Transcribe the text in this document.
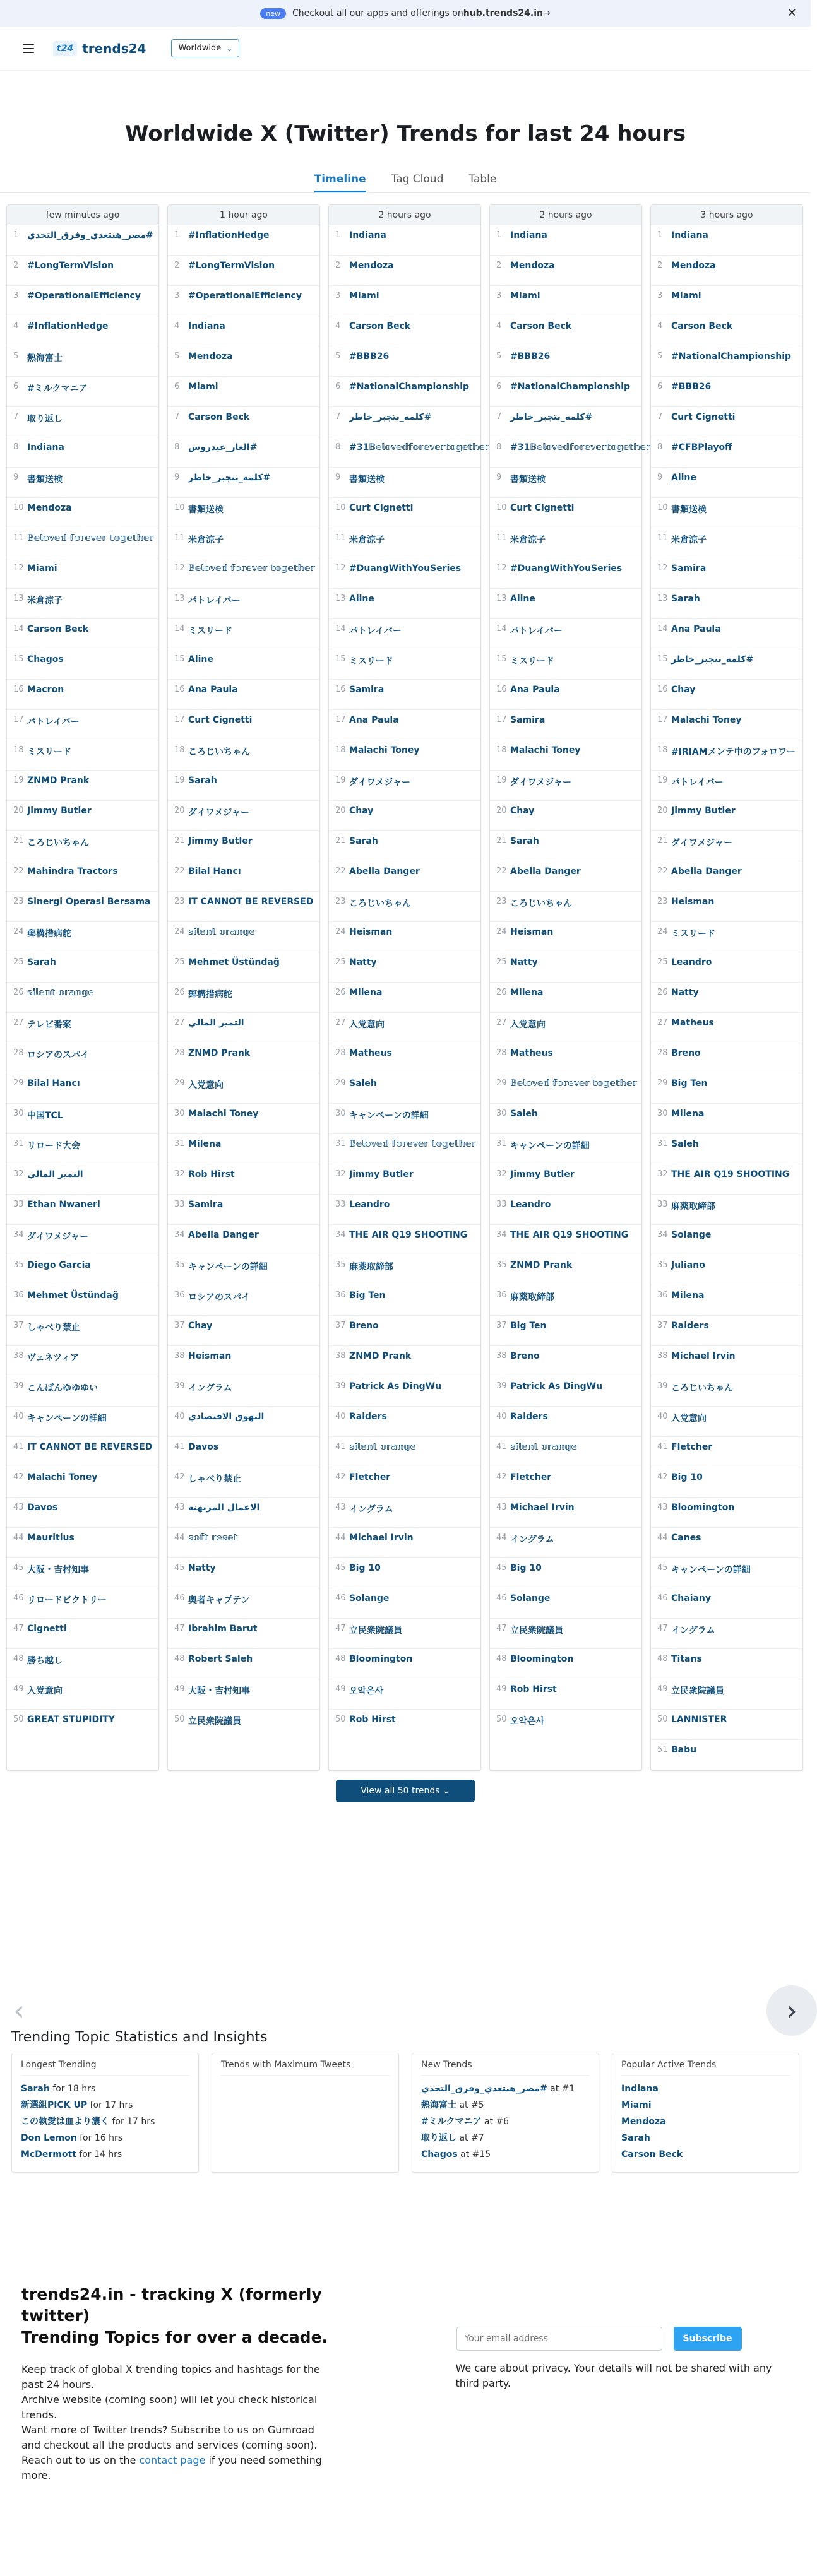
new	Checkout all our apps and offerings on hub.trends24.in →	✕
t24 trends24	Worldwide ⌄
Worldwide X (Twitter) Trends for last 24 hours
Timeline Tag Cloud Table
few minutes ago
1 مصر_هنتعدي_وفرق_التحدي#
2 #LongTermVision
3 #OperationalEfficiency
4 #InflationHedge
5 熱海富士
6 #ミルクマニア
7 取り返し
8 Indiana
9 書類送検
10 Mendoza
11 𝔹𝕖𝕝𝕠𝕧𝕖𝕕 𝕗𝕠𝕣𝕖𝕧𝕖𝕣 𝕥𝕠𝕘𝕖𝕥𝕙𝕖𝕣
12 Miami
13 米倉涼子
14 Carson Beck
15 Chagos
16 Macron
17 パトレイバー
18 ミスリード
19 ZNMD Prank
20 Jimmy Butler
21 ころじいちゃん
22 Mahindra Tractors
23 Sinergi Operasi Bersama
24 郵構措病舵
25 Sarah
26 𝕤𝕚𝕝𝕖𝕟𝕥 𝕠𝕣𝕒𝕟𝕘𝕖
27 テレビ番案
28 ロシアのスパイ
29 Bilal Hancı
30 中国TCL
31 リロード大会
32 التمير المالي
33 Ethan Nwaneri
34 ダイワメジャー
35 Diego Garcia
36 Mehmet Üstündağ
37 しゃべり禁止
38 ヴェネツィア
39 こんばんゆゆゆい
40 キャンペーンの詳細
41 IT CANNOT BE REVERSED
42 Malachi Toney
43 Davos
44 Mauritius
45 大阪・吉村知事
46 リロードビクトリー
47 Cignetti
48 勝ち越し
49 入党意向
50 GREAT STUPIDITY
1 hour ago
1 #InflationHedge
2 #LongTermVision
3 #OperationalEfficiency
4 Indiana
5 Mendoza
6 Miami
7 Carson Beck
8 الغار_عيدروس#
9 كلمه_بتجبر_خاطر#
10 書類送検
11 米倉涼子
12 𝔹𝕖𝕝𝕠𝕧𝕖𝕕 𝕗𝕠𝕣𝕖𝕧𝕖𝕣 𝕥𝕠𝕘𝕖𝕥𝕙𝕖𝕣
13 パトレイバー
14 ミスリード
15 Aline
16 Ana Paula
17 Curt Cignetti
18 ころじいちゃん
19 Sarah
20 ダイワメジャー
21 Jimmy Butler
22 Bilal Hancı
23 IT CANNOT BE REVERSED
24 𝕤𝕚𝕝𝕖𝕟𝕥 𝕠𝕣𝕒𝕟𝕘𝕖
25 Mehmet Üstündağ
26 郵構措病舵
27 التمير المالي
28 ZNMD Prank
29 入党意向
30 Malachi Toney
31 Milena
32 Rob Hirst
33 Samira
34 Abella Danger
35 キャンペーンの詳細
36 ロシアのスパイ
37 Chay
38 Heisman
39 イングラム
40 النهوق الاقتصادي
41 Davos
42 しゃべり禁止
43 الاعمال المرتهنه
44 𝕤𝕠𝕗𝕥 𝕣𝕖𝕤𝕖𝕥
45 Natty
46 奥者キャプテン
47 Ibrahim Barut
48 Robert Saleh
49 大阪・吉村知事
50 立民衆院議員
2 hours ago
1 Indiana
2 Mendoza
3 Miami
4 Carson Beck
5 #BBB26
6 #NationalChampionship
7 كلمه_بتجبر_خاطر#
8 #31𝔹𝕖𝕝𝕠𝕧𝕖𝕕𝕗𝕠𝕣𝕖𝕧𝕖𝕣𝕥𝕠𝕘𝕖𝕥𝕙𝕖𝕣
9 書類送検
10 Curt Cignetti
11 米倉涼子
12 #DuangWithYouSeries
13 Aline
14 パトレイバー
15 ミスリード
16 Samira
17 Ana Paula
18 Malachi Toney
19 ダイワメジャー
20 Chay
21 Sarah
22 Abella Danger
23 ころじいちゃん
24 Heisman
25 Natty
26 Milena
27 入党意向
28 Matheus
29 Saleh
30 キャンペーンの詳細
31 𝔹𝕖𝕝𝕠𝕧𝕖𝕕 𝕗𝕠𝕣𝕖𝕧𝕖𝕣 𝕥𝕠𝕘𝕖𝕥𝕙𝕖𝕣
32 Jimmy Butler
33 Leandro
34 THE AIR Q19 SHOOTING
35 麻薬取締部
36 Big Ten
37 Breno
38 ZNMD Prank
39 Patrick As DingWu
40 Raiders
41 𝕤𝕚𝕝𝕖𝕟𝕥 𝕠𝕣𝕒𝕟𝕘𝕖
42 Fletcher
43 イングラム
44 Michael Irvin
45 Big 10
46 Solange
47 立民衆院議員
48 Bloomington
49 오악은사
50 Rob Hirst
2 hours ago
1 Indiana
2 Mendoza
3 Miami
4 Carson Beck
5 #BBB26
6 #NationalChampionship
7 كلمه_بتجبر_خاطر#
8 #31𝔹𝕖𝕝𝕠𝕧𝕖𝕕𝕗𝕠𝕣𝕖𝕧𝕖𝕣𝕥𝕠𝕘𝕖𝕥𝕙𝕖𝕣
9 書類送検
10 Curt Cignetti
11 米倉涼子
12 #DuangWithYouSeries
13 Aline
14 パトレイバー
15 ミスリード
16 Ana Paula
17 Samira
18 Malachi Toney
19 ダイワメジャー
20 Chay
21 Sarah
22 Abella Danger
23 ころじいちゃん
24 Heisman
25 Natty
26 Milena
27 入党意向
28 Matheus
29 𝔹𝕖𝕝𝕠𝕧𝕖𝕕 𝕗𝕠𝕣𝕖𝕧𝕖𝕣 𝕥𝕠𝕘𝕖𝕥𝕙𝕖𝕣
30 Saleh
31 キャンペーンの詳細
32 Jimmy Butler
33 Leandro
34 THE AIR Q19 SHOOTING
35 ZNMD Prank
36 麻薬取締部
37 Big Ten
38 Breno
39 Patrick As DingWu
40 Raiders
41 𝕤𝕚𝕝𝕖𝕟𝕥 𝕠𝕣𝕒𝕟𝕘𝕖
42 Fletcher
43 Michael Irvin
44 イングラム
45 Big 10
46 Solange
47 立民衆院議員
48 Bloomington
49 Rob Hirst
50 오악은사
3 hours ago
1 Indiana
2 Mendoza
3 Miami
4 Carson Beck
5 #NationalChampionship
6 #BBB26
7 Curt Cignetti
8 #CFBPlayoff
9 Aline
10 書類送検
11 米倉涼子
12 Samira
13 Sarah
14 Ana Paula
15 كلمه_بتجبر_خاطر#
16 Chay
17 Malachi Toney
18 #IRIAMメンテ中のフォロワー
19 パトレイバー
20 Jimmy Butler
21 ダイワメジャー
22 Abella Danger
23 Heisman
24 ミスリード
25 Leandro
26 Natty
27 Matheus
28 Breno
29 Big Ten
30 Milena
31 Saleh
32 THE AIR Q19 SHOOTING
33 麻薬取締部
34 Solange
35 Juliano
36 Milena
37 Raiders
38 Michael Irvin
39 ころじいちゃん
40 入党意向
41 Fletcher
42 Big 10
43 Bloomington
44 Canes
45 キャンペーンの詳細
46 Chaiany
47 イングラム
48 Titans
49 立民衆院議員
50 LANNISTER
51 Babu
View all 50 trends ⌄
‹	›
Trending Topic Statistics and Insights
Longest Trending
Sarah for 18 hrs
新選組PICK UP for 17 hrs
この執愛は血より濃く for 17 hrs
Don Lemon for 16 hrs
McDermott for 14 hrs
Trends with Maximum Tweets	New Trends
مصر_هنتعدي_وفرق_التحدي# at #1
熱海富士 at #5
#ミルクマニア at #6
取り返し at #7
Chagos at #15
Popular Active Trends
Indiana
Miami
Mendoza
Sarah
Carson Beck
trends24.in - tracking X (formerly twitter)
Trending Topics for over a decade.

Keep track of global X trending topics and hashtags for the past 24 hours.

Archive website (coming soon) will let you check historical trends.

Want more of Twitter trends? Subscribe to us on Gumroad and checkout all the products and services (coming soon).

Reach out to us on the contact page if you need something more.

Your email address
Subscribe

We care about privacy. Your details will not be shared with any third party.
